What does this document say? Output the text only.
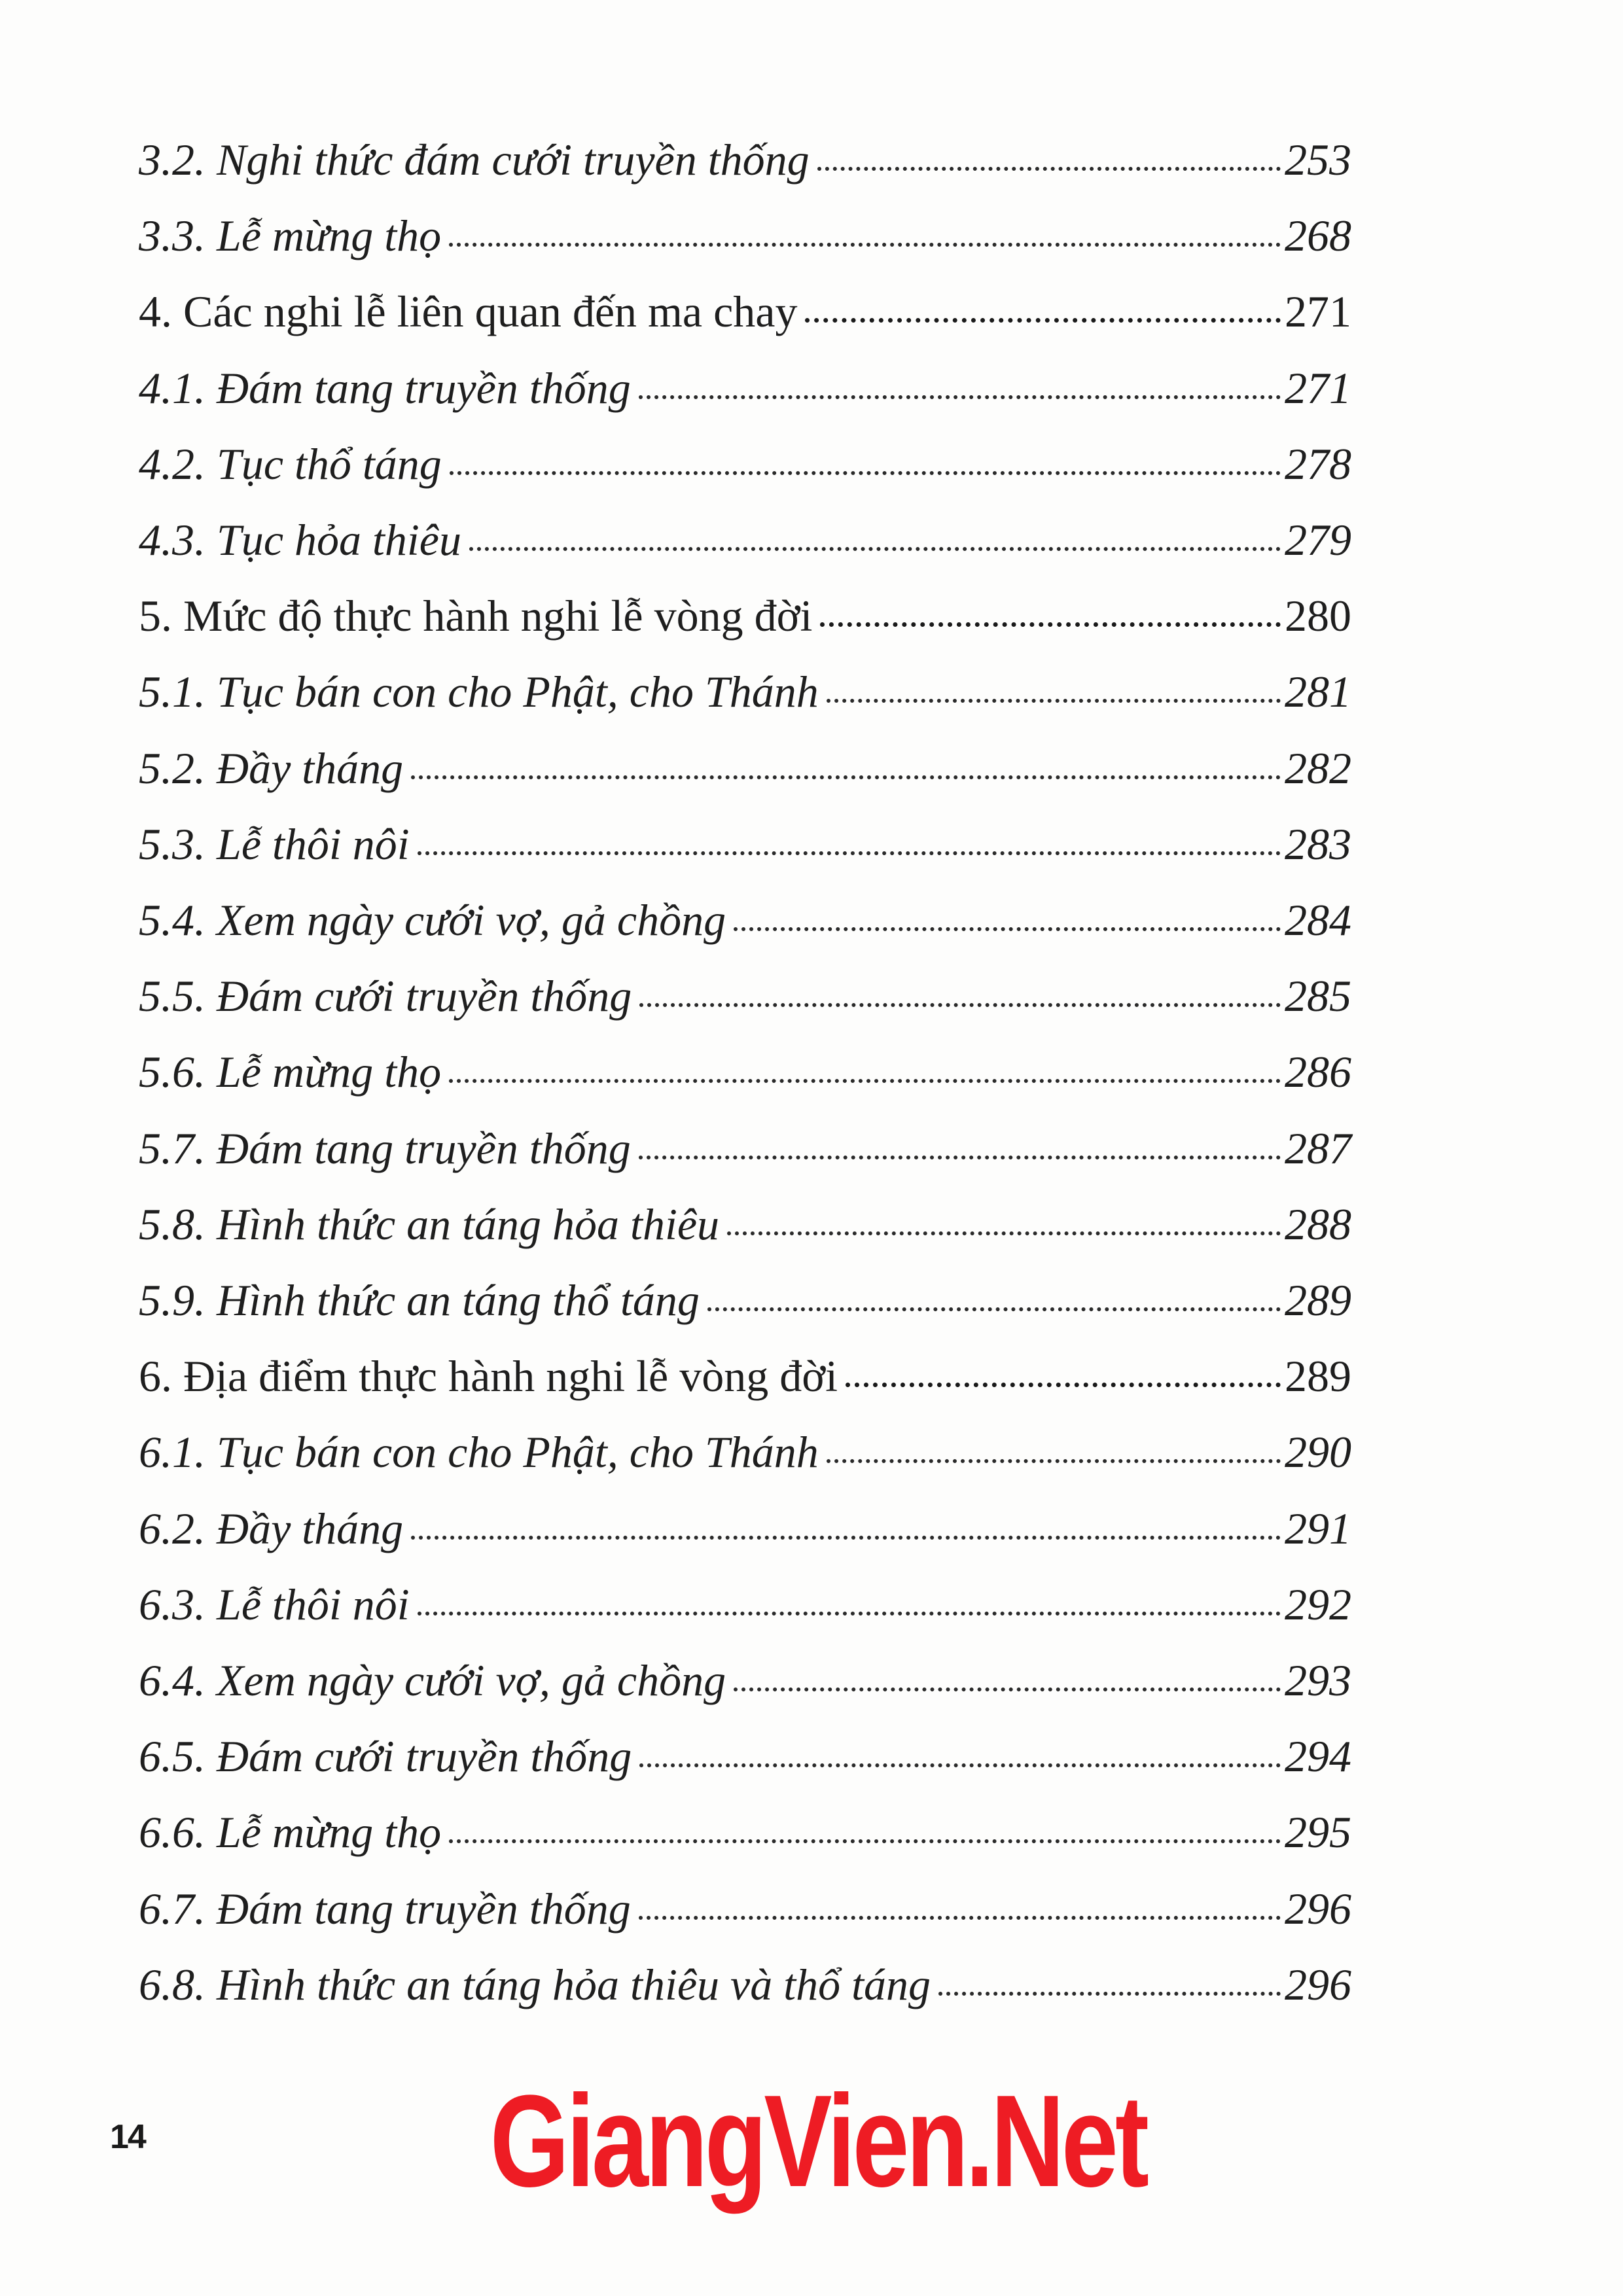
3.2. Nghi thức đám cưới truyền thống	253
3.3. Lễ mừng thọ	268
4. Các nghi lễ liên quan đến ma chay	271
4.1. Đám tang truyền thống	271
4.2. Tục thổ táng	278
4.3. Tục hỏa thiêu	279
5. Mức độ thực hành nghi lễ vòng đời	280
5.1. Tục bán con cho Phật, cho Thánh	281
5.2. Đầy tháng	282
5.3. Lễ thôi nôi	283
5.4. Xem ngày cưới vợ, gả chồng	284
5.5. Đám cưới truyền thống	285
5.6. Lễ mừng thọ	286
5.7. Đám tang truyền thống	287
5.8. Hình thức an táng hỏa thiêu	288
5.9. Hình thức an táng thổ táng	289
6. Địa điểm thực hành nghi lễ vòng đời	289
6.1. Tục bán con cho Phật, cho Thánh	290
6.2. Đầy tháng	291
6.3. Lễ thôi nôi	292
6.4. Xem ngày cưới vợ, gả chồng	293
6.5. Đám cưới truyền thống	294
6.6. Lễ mừng thọ	295
6.7. Đám tang truyền thống	296
6.8. Hình thức an táng hỏa thiêu và thổ táng	296
14	GiangVien.Net
